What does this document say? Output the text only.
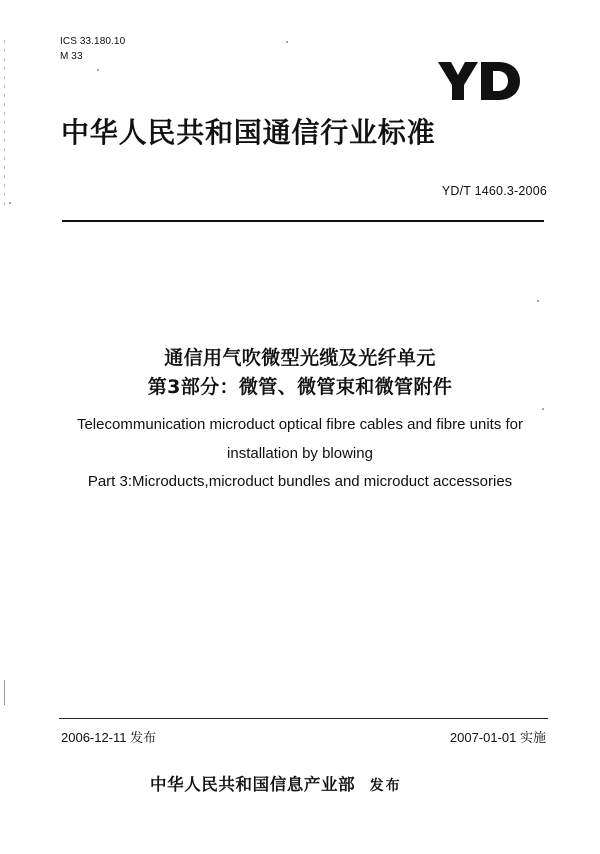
ICS 33.180.10
M 33
中华人民共和国通信行业标准
YD/T 1460.3-2006
通信用气吹微型光缆及光纤单元
第3部分：微管、微管束和微管附件
Telecommunication microduct optical fibre cables and fibre units for
installation by blowing
Part 3:Microducts,microduct bundles and microduct accessories
2006-12-11 发布	2007-01-01 实施
中华人民共和国信息产业部 发布
